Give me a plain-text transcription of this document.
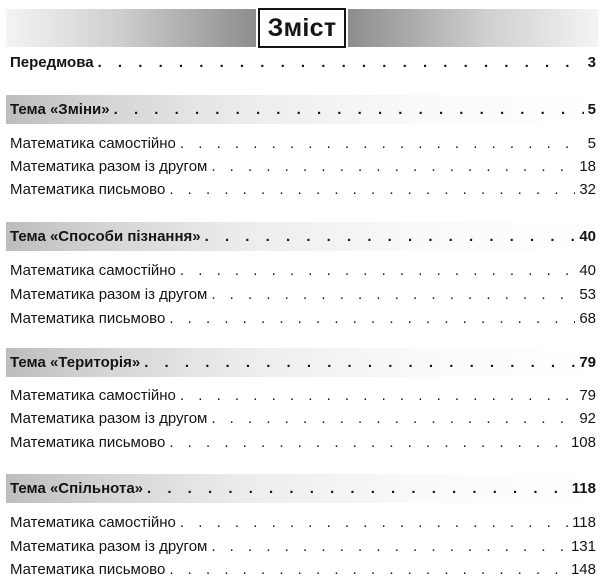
Зміст
Передмова . . .	3
Тема «Зміни» . . .	5
Математика самостійно . . .	5
Математика разом із другом . . .	18
Математика письмово . . .	32
Тема «Способи пізнання» . . .	40
Математика самостійно . . .	40
Математика разом із другом . . .	53
Математика письмово . . .	68
Тема «Територія» . . .	79
Математика самостійно . . .	79
Математика разом із другом . . .	92
Математика письмово . . .	108
Тема «Спільнота» . . .	118
Математика самостійно . . .	118
Математика разом із другом . . .	131
Математика письмово . . .	148
